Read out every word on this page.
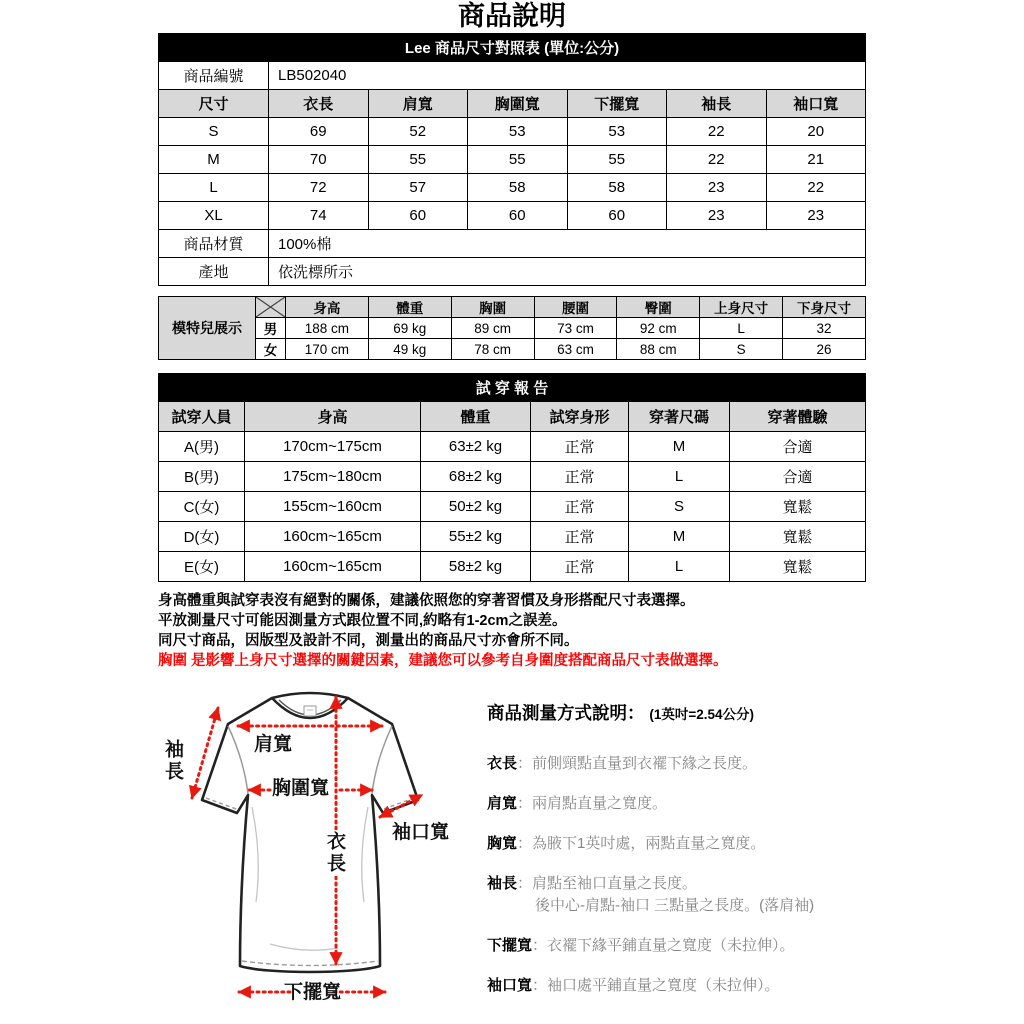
商品說明
Lee 商品尺寸對照表 (單位:公分)
商品編號	LB502040					
尺寸	衣長	肩寬	胸圍寬	下擺寬	袖長	袖口寬
S	69	52	53	53	22	20
M	70	55	55	55	22	21
L	72	57	58	58	23	22
XL	74	60	60	60	23	23
商品材質	100%棉					
產地	依洗標所示					
模特兒展示		身高	體重	胸圍	腰圍	臀圍	上身尺寸	下身尺寸
	男	188 cm	69 kg	89 cm	73 cm	92 cm	L	32
	女	170 cm	49 kg	78 cm	63 cm	88 cm	S	26
試 穿 報 告
試穿人員	身高	體重	試穿身形	穿著尺碼	穿著體驗
A(男)	170cm~175cm	63±2 kg	正常	M	合適
B(男)	175cm~180cm	68±2 kg	正常	L	合適
C(女)	155cm~160cm	50±2 kg	正常	S	寬鬆
D(女)	160cm~165cm	55±2 kg	正常	M	寬鬆
E(女)	160cm~165cm	58±2 kg	正常	L	寬鬆

身高體重與試穿表沒有絕對的關係，建議依照您的穿著習慣及身形搭配尺寸表選擇。

平放測量尺寸可能因測量方式跟位置不同,約略有1-2cm之誤差。

同尺寸商品，因版型及設計不同，測量出的商品尺寸亦會所不同。

胸圍 是影響上身尺寸選擇的關鍵因素，建議您可以參考自身圍度搭配商品尺寸表做選擇。

袖長	肩寬
胸圍寬
衣長 袖口寬
下擺寬
商品測量方式說明： (1英吋=2.54公分)
衣長：前側頸點直量到衣襬下緣之長度。
肩寬：兩肩點直量之寬度。
胸寬：為腋下1英吋處，兩點直量之寬度。
袖長：肩點至袖口直量之長度。
後中心-肩點-袖口 三點量之長度。(落肩袖)
下擺寬：衣襬下緣平鋪直量之寬度（未拉伸）。
袖口寬：袖口處平鋪直量之寬度（未拉伸）。
